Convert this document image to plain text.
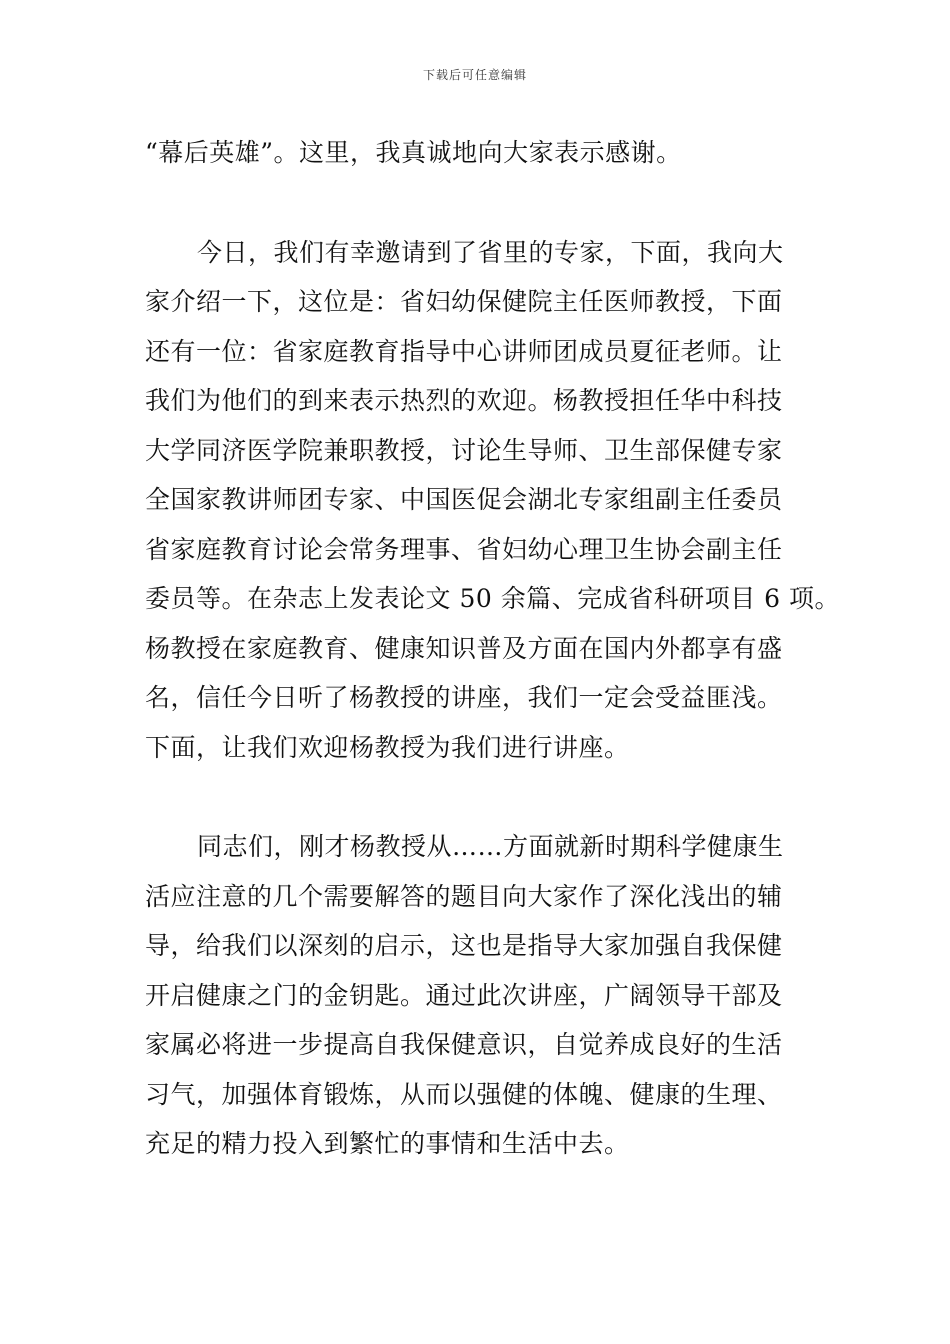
下载后可任意编辑
“幕后英雄”。这里，我真诚地向大家表示感谢。
今日，我们有幸邀请到了省里的专家，下面，我向大
家介绍一下，这位是：省妇幼保健院主任医师教授，下面
还有一位：省家庭教育指导中心讲师团成员夏征老师。让
我们为他们的到来表示热烈的欢迎。杨教授担任华中科技
大学同济医学院兼职教授，讨论生导师、卫生部保健专家
全国家教讲师团专家、中国医促会湖北专家组副主任委员
省家庭教育讨论会常务理事、省妇幼心理卫生协会副主任
委员等。在杂志上发表论文 50 余篇、完成省科研项目 6 项。
杨教授在家庭教育、健康知识普及方面在国内外都享有盛
名，信任今日听了杨教授的讲座，我们一定会受益匪浅。
下面，让我们欢迎杨教授为我们进行讲座。
同志们，刚才杨教授从……方面就新时期科学健康生
活应注意的几个需要解答的题目向大家作了深化浅出的辅
导，给我们以深刻的启示，这也是指导大家加强自我保健
开启健康之门的金钥匙。通过此次讲座，广阔领导干部及
家属必将进一步提高自我保健意识，自觉养成良好的生活
习气，加强体育锻炼，从而以强健的体魄、健康的生理、
充足的精力投入到繁忙的事情和生活中去。
